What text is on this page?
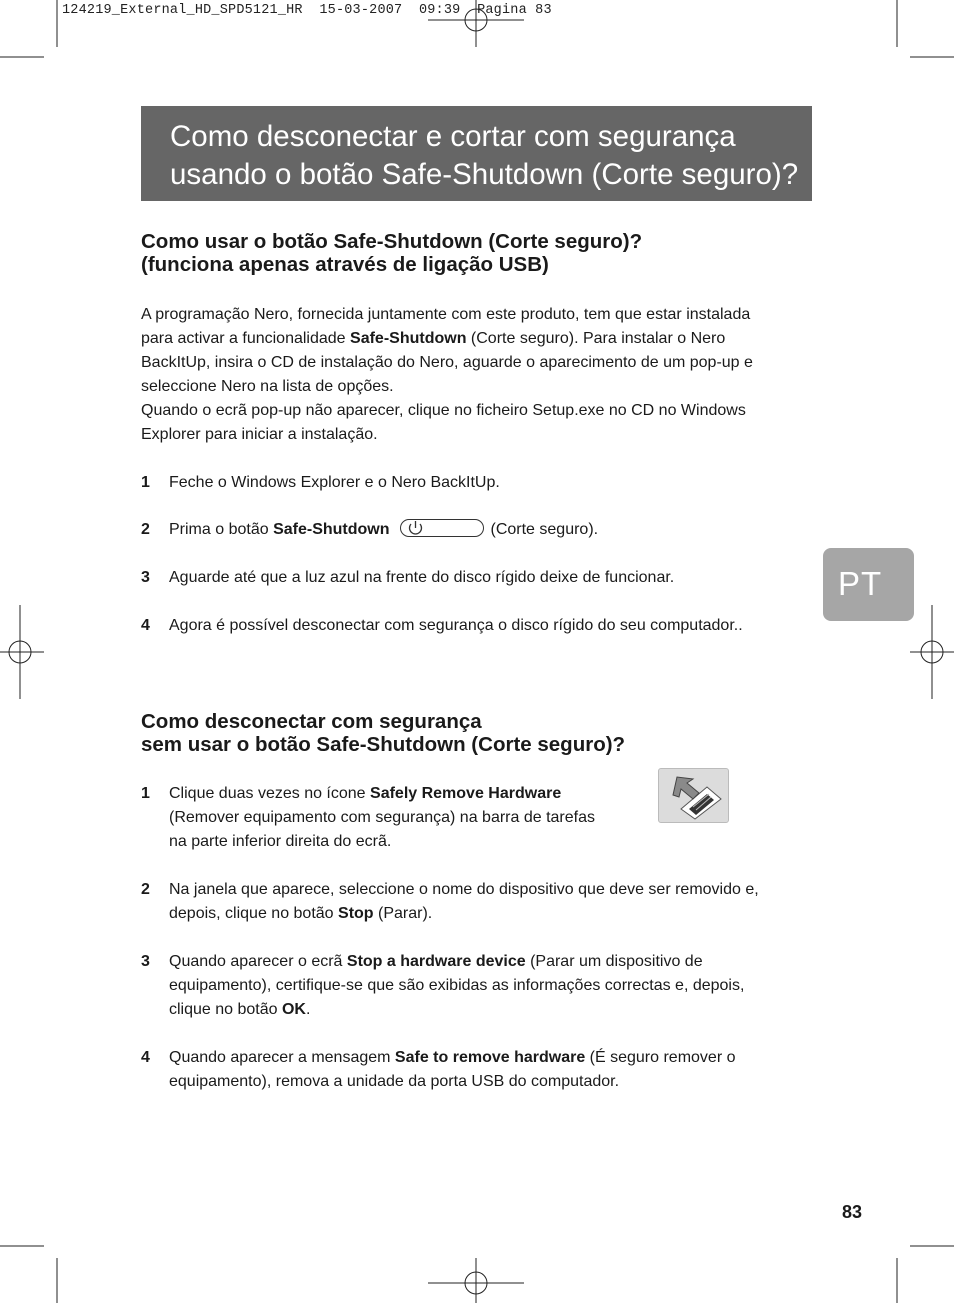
124219_External_HD_SPD5121_HR  15-03-2007  09:39  Pagina 83
Como desconectar e cortar com segurança
usando o botão Safe-Shutdown (Corte seguro)?
PT
Como usar o botão Safe-Shutdown (Corte seguro)?
(funciona apenas através de ligação USB)
A programação Nero, fornecida juntamente com este produto, tem que estar instalada
para activar a funcionalidade Safe-Shutdown (Corte seguro). Para instalar o Nero
BackItUp, insira o CD de instalação do Nero, aguarde o aparecimento de um pop-up e
seleccione Nero na lista de opções.
Quando o ecrã pop-up não aparecer, clique no ficheiro Setup.exe no CD no Windows
Explorer para iniciar a instalação.
1 Feche o Windows Explorer e o Nero BackItUp.
2 Prima o botão Safe-Shutdown	(Corte seguro).
3 Aguarde até que a luz azul na frente do disco rígido deixe de funcionar.
4 Agora é possível desconectar com segurança o disco rígido do seu computador..
Como desconectar com segurança
sem usar o botão Safe-Shutdown (Corte seguro)?
1 Clique duas vezes no ícone Safely Remove Hardware
(Remover equipamento com segurança) na barra de tarefas
na parte inferior direita do ecrã.
2 Na janela que aparece, seleccione o nome do dispositivo que deve ser removido e,
depois, clique no botão Stop (Parar).
3 Quando aparecer o ecrã Stop a hardware device (Parar um dispositivo de
equipamento), certifique-se que são exibidas as informações correctas e, depois,
clique no botão OK.
4 Quando aparecer a mensagem Safe to remove hardware (É seguro remover o
equipamento), remova a unidade da porta USB do computador.
83
